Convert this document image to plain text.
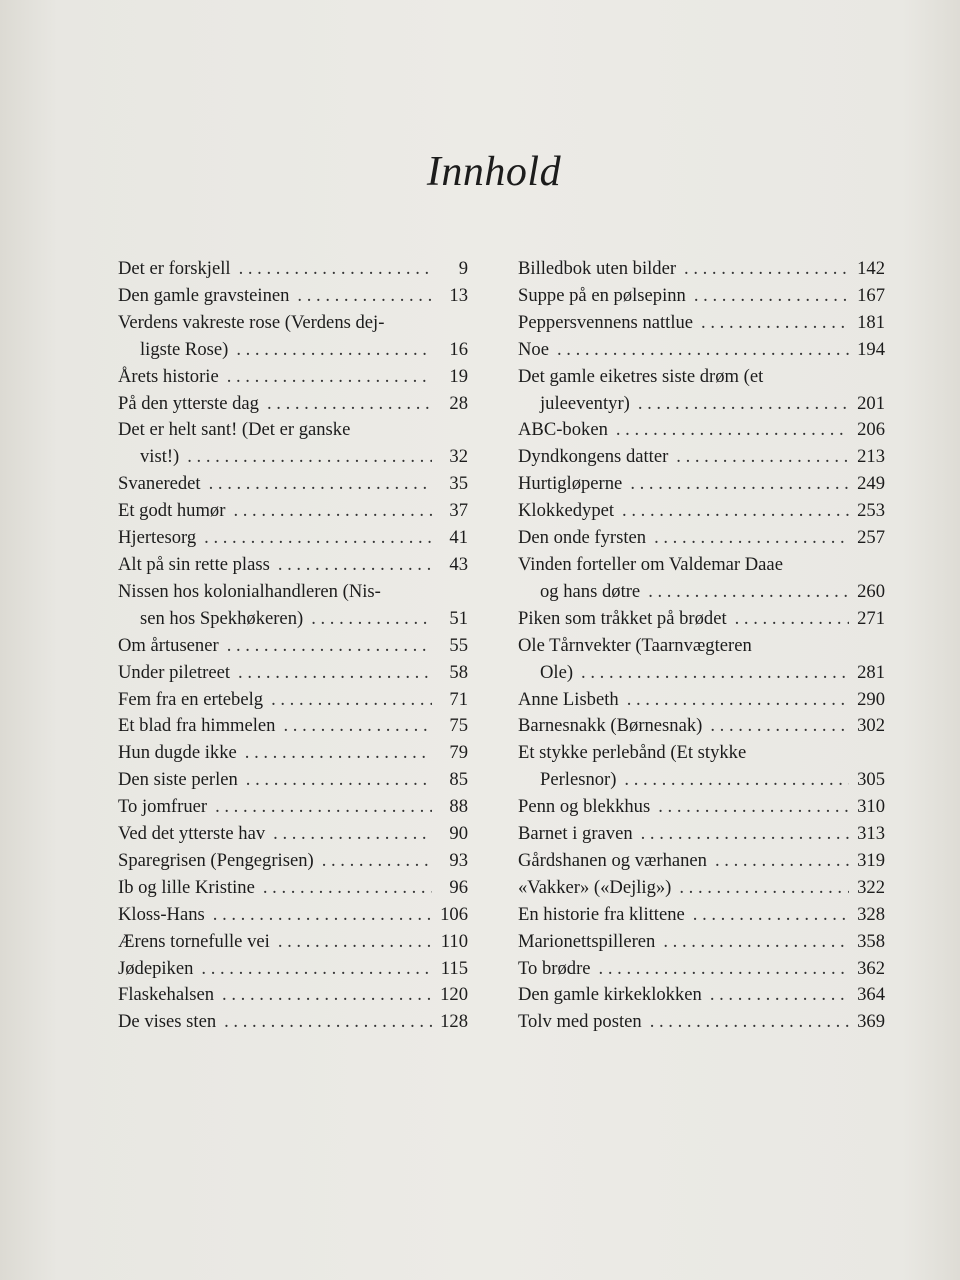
Innhold
Det er forskjell . . .	9
Den gamle gravsteinen . . .	13
Verdens vakreste rose (Verdens dej-
ligste Rose) . . .	16
Årets historie . . .	19
På den ytterste dag . . .	28
Det er helt sant! (Det er ganske
vist!) . . .	32
Svaneredet . . .	35
Et godt humør . . .	37
Hjertesorg . . .	41
Alt på sin rette plass . . .	43
Nissen hos kolonialhandleren (Nis-
sen hos Spekhøkeren) . . .	51
Om årtusener . . .	55
Under piletreet . . .	58
Fem fra en ertebelg . . .	71
Et blad fra himmelen . . .	75
Hun dugde ikke . . .	79
Den siste perlen . . .	85
To jomfruer . . .	88
Ved det ytterste hav . . .	90
Sparegrisen (Pengegrisen) . . .	93
Ib og lille Kristine . . .	96
Kloss-Hans . . .	106
Ærens tornefulle vei . . .	110
Jødepiken . . .	115
Flaskehalsen . . .	120
De vises sten . . .	128
Billedbok uten bilder . . .	142
Suppe på en pølsepinn . . .	167
Peppersvennens nattlue . . .	181
Noe . . .	194
Det gamle eiketres siste drøm (et
juleeventyr) . . .	201
ABC-boken . . .	206
Dyndkongens datter . . .	213
Hurtigløperne . . .	249
Klokkedypet . . .	253
Den onde fyrsten . . .	257
Vinden forteller om Valdemar Daae
og hans døtre . . .	260
Piken som tråkket på brødet . . .	271
Ole Tårnvekter (Taarnvægteren
Ole) . . .	281
Anne Lisbeth . . .	290
Barnesnakk (Børnesnak) . . .	302
Et stykke perlebånd (Et stykke
Perlesnor) . . .	305
Penn og blekkhus . . .	310
Barnet i graven . . .	313
Gårdshanen og værhanen . . .	319
«Vakker» («Dejlig») . . .	322
En historie fra klittene . . .	328
Marionettspilleren . . .	358
To brødre . . .	362
Den gamle kirkeklokken . . .	364
Tolv med posten . . .	369
